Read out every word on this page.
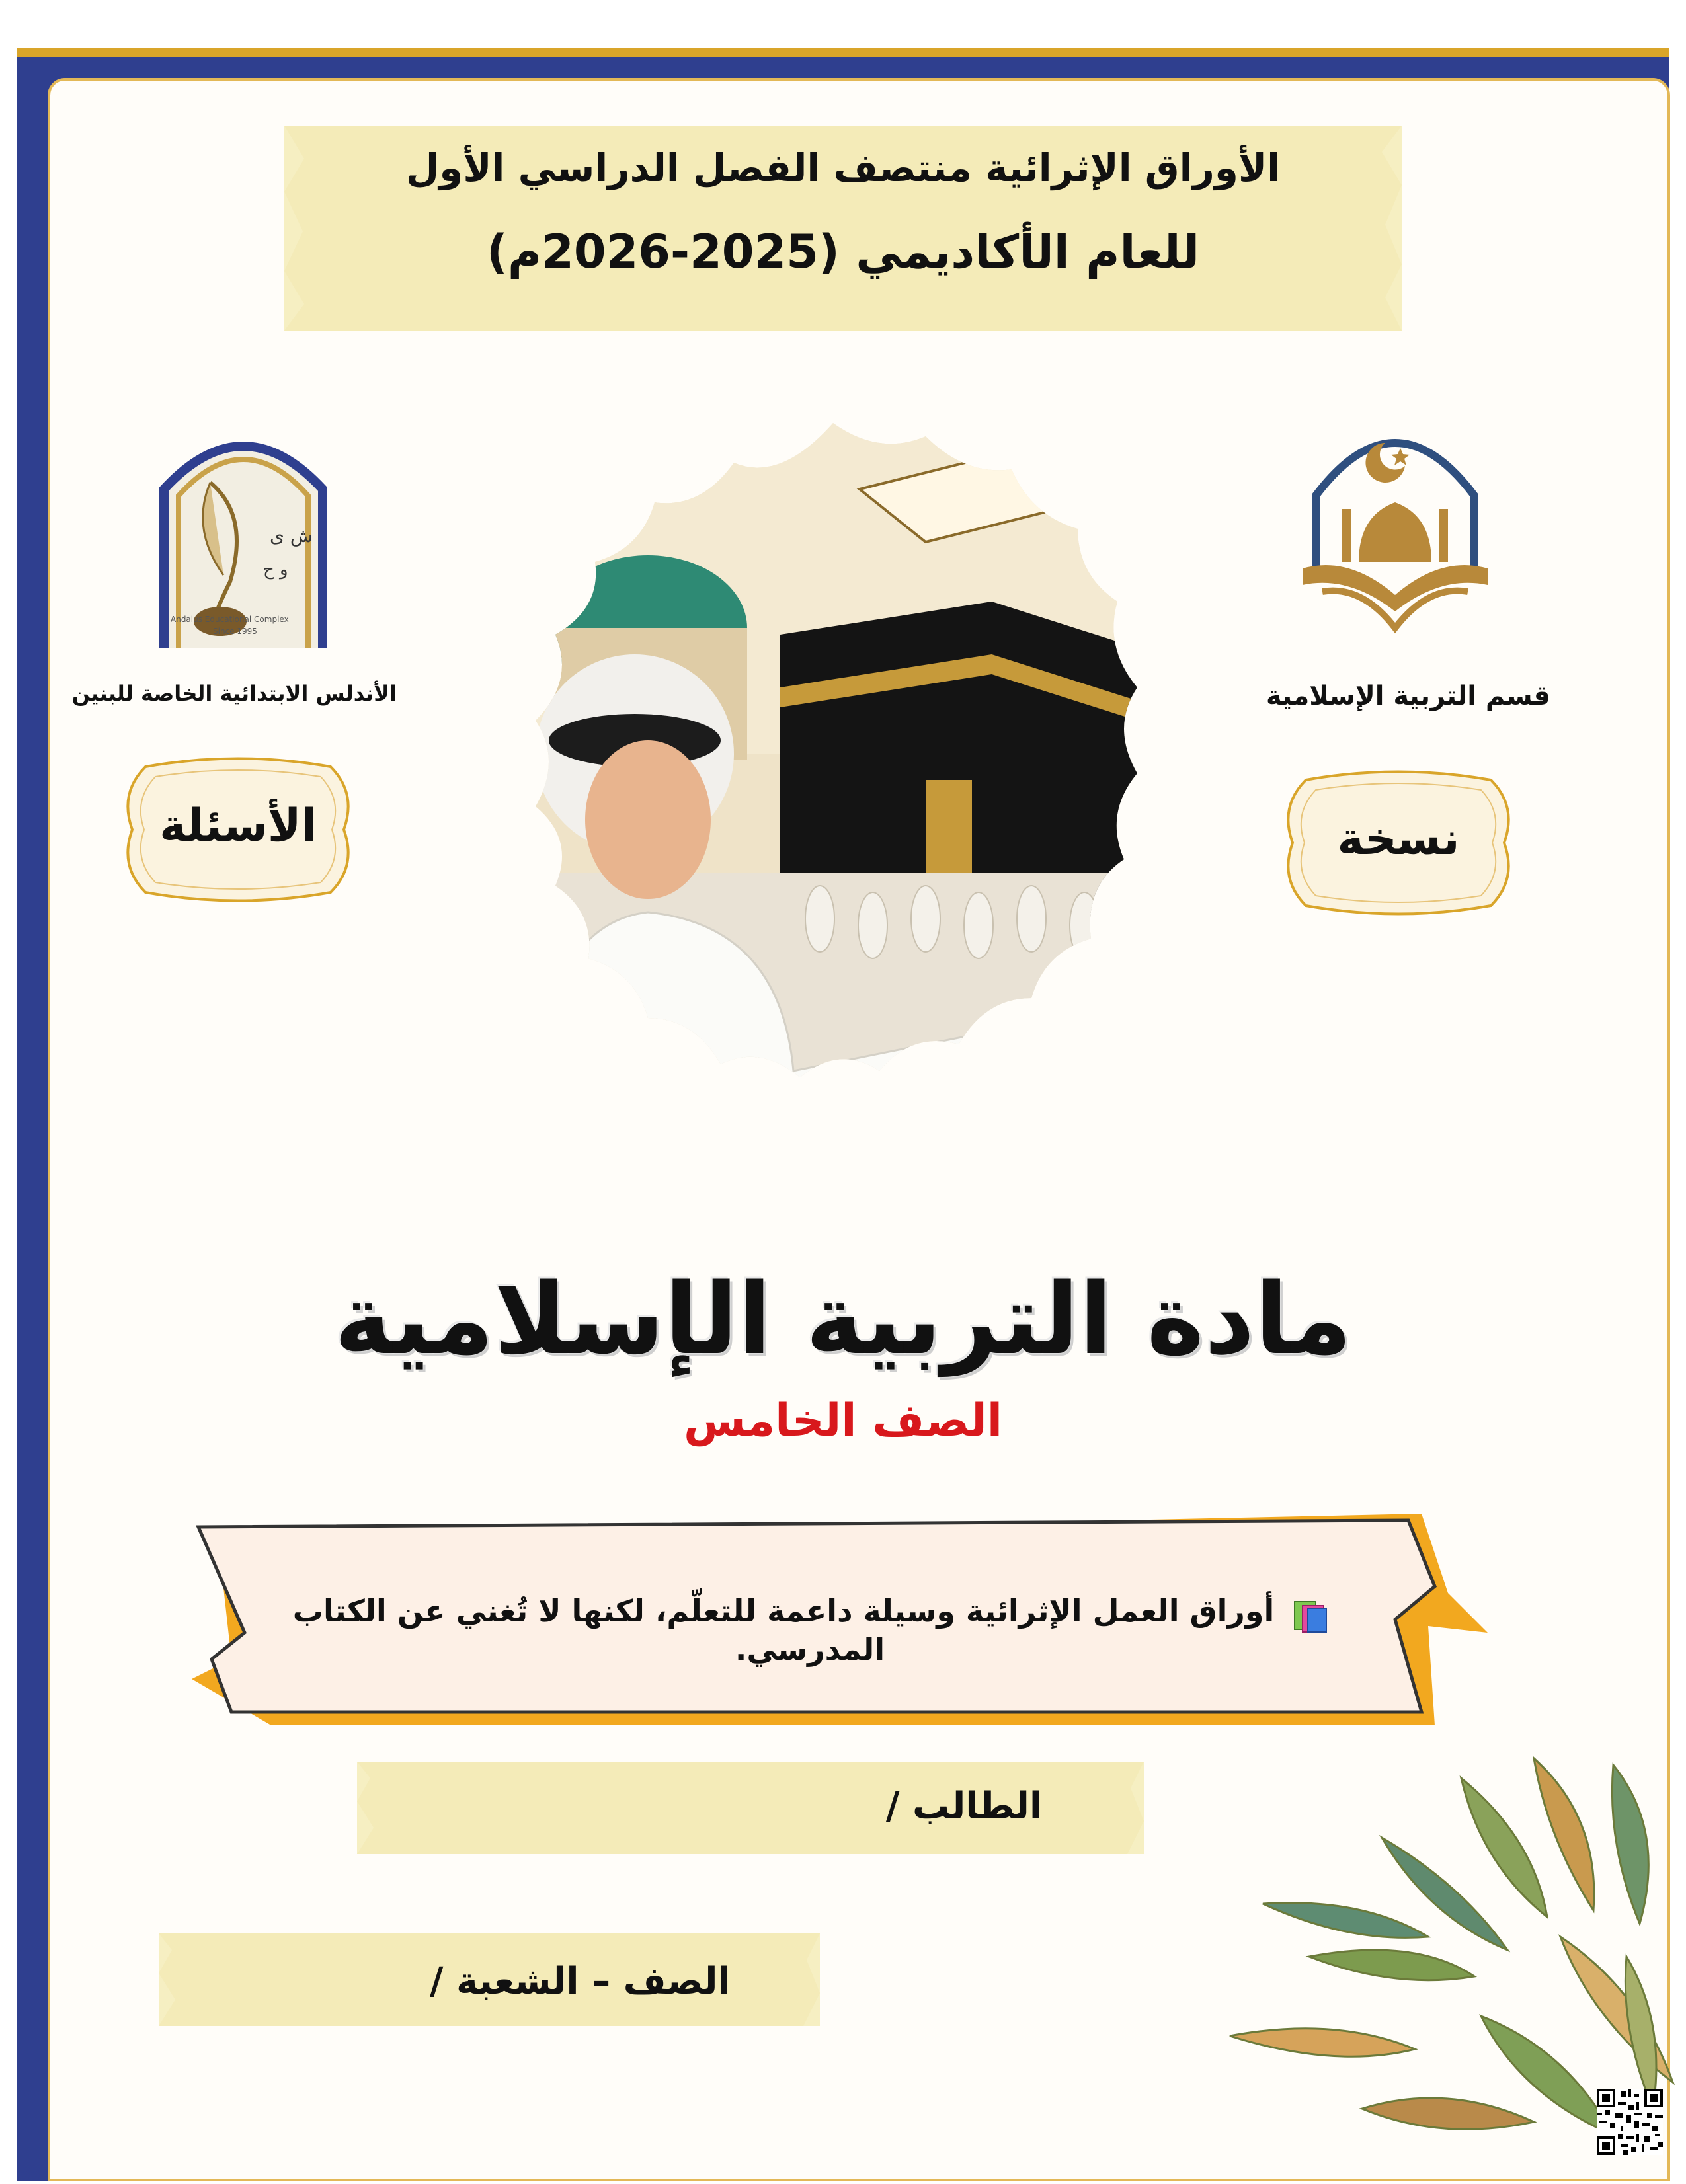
الأوراق الإثرائية منتصف الفصل الدراسي الأول
للعام الأكاديمي (2025-2026م)
ش ى
و ح
Andalus Educational Complex
Since 1995
الأندلس الابتدائية الخاصة للبنين	قسم التربية الإسلامية
نسخة
الأسئلة
مادة التربية الإسلامية
الصف الخامس
أوراق العمل الإثرائية وسيلة داعمة للتعلّم، لكنها لا تُغني عن الكتاب المدرسي.
الطالب /
الصف – الشعبة /
